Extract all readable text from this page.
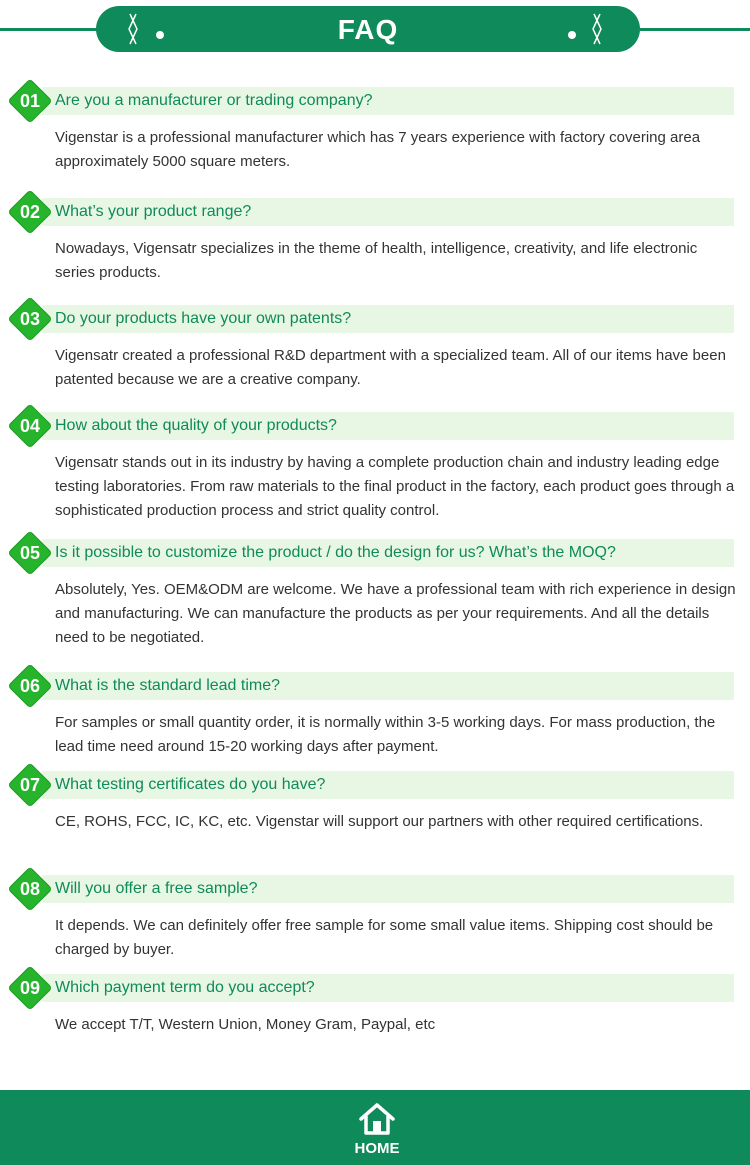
FAQ
Are you a manufacturer or trading company?
01
Vigenstar is a professional manufacturer which has 7 years experience with factory covering area approximately 5000 square meters.
What’s your product range?
02
Nowadays, Vigensatr specializes in the theme of health, intelligence, creativity, and life electronic series products.
Do your products have your own patents?
03
Vigensatr created a professional R&D department with a specialized team. All of our items have been patented because we are a creative company.
How about the quality of your products?
04
Vigensatr stands out in its industry by having a complete production chain and industry leading edge testing laboratories. From raw materials to the final product in the factory, each product goes through a sophisticated production process and strict quality control.
Is it possible to customize the product / do the design for us? What’s the MOQ?
05
Absolutely, Yes. OEM&ODM are welcome. We have a professional team with rich experience in design and manufacturing. We can manufacture the products as per your requirements. And all the details need to be negotiated.
What is the standard lead time?
06
For samples or small quantity order, it is normally within 3-5 working days. For mass production, the lead time need around 15-20 working days after payment.
What testing certificates do you have?
07
CE, ROHS, FCC, IC, KC, etc. Vigenstar will support our partners with other required certifications.
Will you offer a free sample?
08
It depends. We can definitely offer free sample for some small value items. Shipping cost should be charged by buyer.
Which payment term do you accept?
09
We accept T/T, Western Union, Money Gram, Paypal, etc
HOME
